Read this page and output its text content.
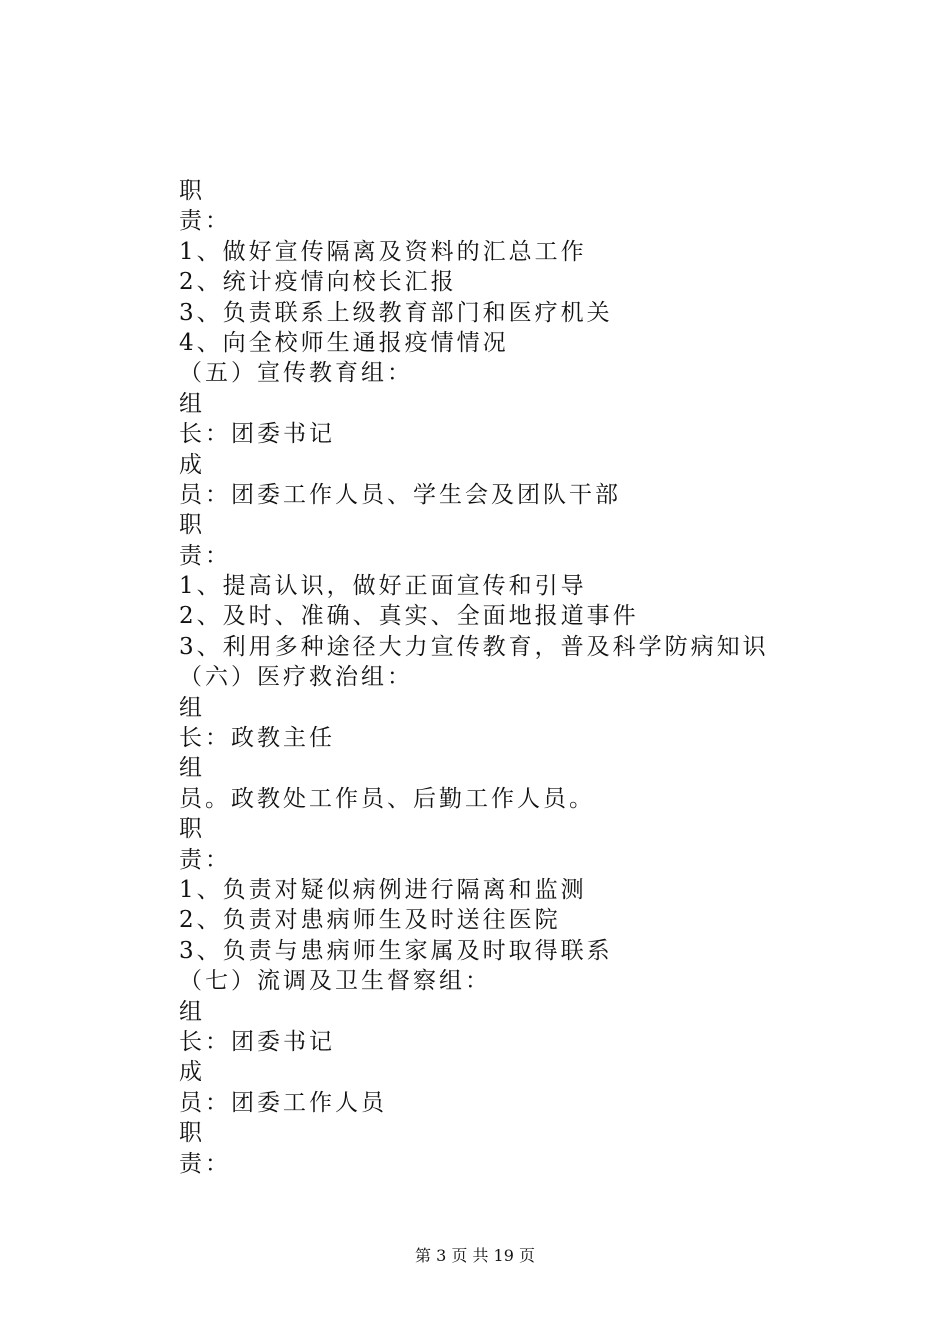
职
责：
1、做好宣传隔离及资料的汇总工作
2、统计疫情向校长汇报
3、负责联系上级教育部门和医疗机关
4、向全校师生通报疫情情况
（五）宣传教育组：
组
长：团委书记
成
员：团委工作人员、学生会及团队干部
职
责：
1、提高认识，做好正面宣传和引导
2、及时、准确、真实、全面地报道事件
3、利用多种途径大力宣传教育，普及科学防病知识
（六）医疗救治组：
组
长：政教主任
组
员。政教处工作员、后勤工作人员。
职
责：
1、负责对疑似病例进行隔离和监测
2、负责对患病师生及时送往医院
3、负责与患病师生家属及时取得联系
（七）流调及卫生督察组：
组
长：团委书记
成
员：团委工作人员
职
责：
第 3 页 共 19 页
